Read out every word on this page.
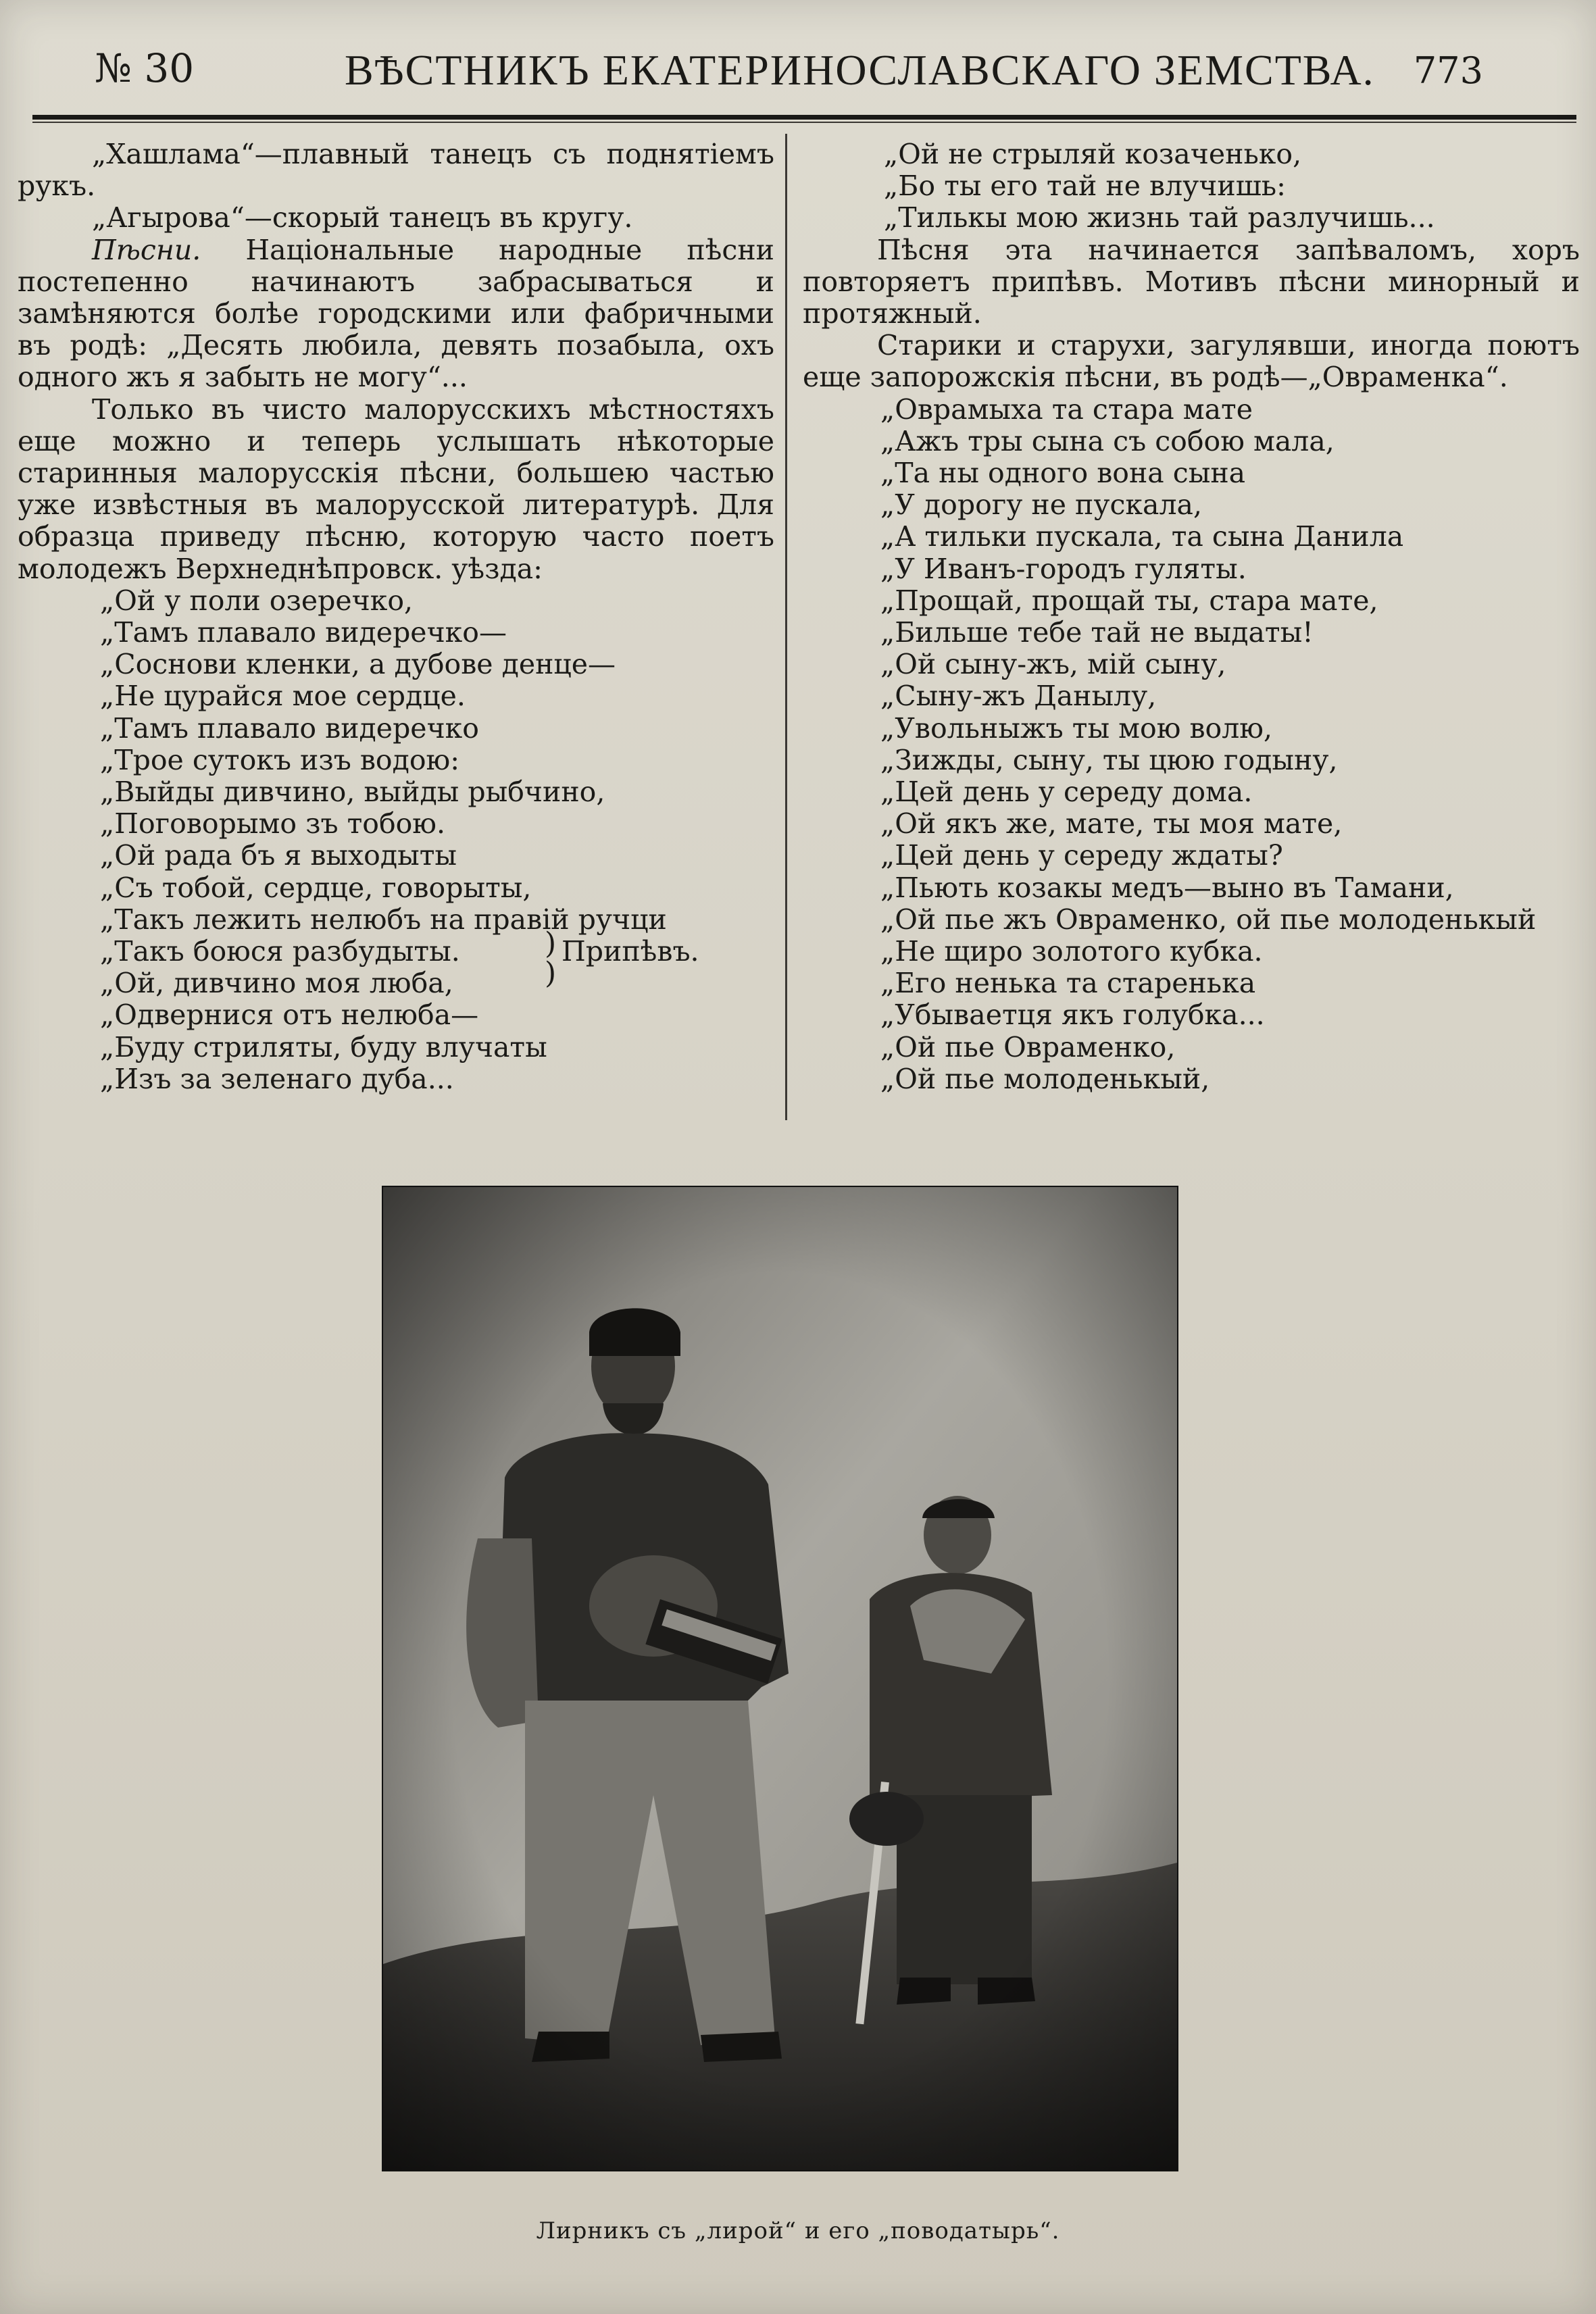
№ 30	ВѢСТНИКЪ ЕКАТЕРИНОСЛАВСКАГО ЗЕМСТВА. 773

„Хашлама“—плавный танецъ съ поднятіемъ рукъ.

„Агырова“—скорый танецъ въ кругу.

Пѣсни. Національные народные пѣсни постепенно начинаютъ забрасываться и замѣняются болѣе городскими или фабричными въ родѣ: „Десять любила, девять позабыла, охъ одного жъ я забыть не могу“...

Только въ чисто малорусскихъ мѣстностяхъ еще можно и теперь услышать нѣкоторые старинныя малорусскія пѣсни, большею частью уже извѣстныя въ малорусской литературѣ. Для образца приведу пѣсню, которую часто поетъ молодежъ Верхнеднѣпровск. уѣзда:

„Ой у поли озеречко,
„Тамъ плавало видеречко—
„Соснови кленки, а дубове денце—
„Не цурайся мое сердце.
„Тамъ плавало видеречко
„Трое сутокъ изъ водою:
„Выйды дивчино, выйды рыбчино,
„Поговорымо зъ тобою.
„Ой рада бъ я выходыты
„Съ тобой, сердце, говорыты,
„Такъ лежить нелюбъ на правій ручци
„Такъ боюся разбудыты.
„Ой, дивчино моя люба,
„Одвернися отъ нелюба—
„Буду стриляты, буду влучаты
„Изъ за зеленаго дуба...
)
)
Припѣвъ.
„Ой не стрыляй козаченько,
„Бо ты его тай не влучишь:
„Тилькы мою жизнь тай разлучишь...

Пѣсня эта начинается запѣваломъ, хоръ повторяетъ припѣвъ. Мотивъ пѣсни минорный и протяжный.

Старики и старухи, загулявши, иногда поютъ еще запорожскія пѣсни, въ родѣ—„Овраменка“.

„Оврамыха та стара мате
„Ажъ тры сына съ собою мала,
„Та ны одного вона сына
„У дорогу не пускала,
„А тильки пускала, та сына Данила
„У Иванъ-городъ гуляты.
„Прощай, прощай ты, стара мате,
„Бильше тебе тай не выдаты!
„Ой сыну-жъ, мій сыну,
„Сыну-жъ Данылу,
„Увольныжъ ты мою волю,
„Зижды, сыну, ты цюю годыну,
„Цей день у середу дома.
„Ой якъ же, мате, ты моя мате,
„Цей день у середу ждаты?
„Пьють козакы медъ—выно въ Тамани,
„Ой пье жъ Овраменко, ой пье молоденькый
„Не щиро золотого кубка.
„Его ненька та старенька
„Убываетця якъ голубка...
„Ой пье Овраменко,
„Ой пье молоденькый,
Лирникъ съ „лирой“ и его „поводатырь“.
